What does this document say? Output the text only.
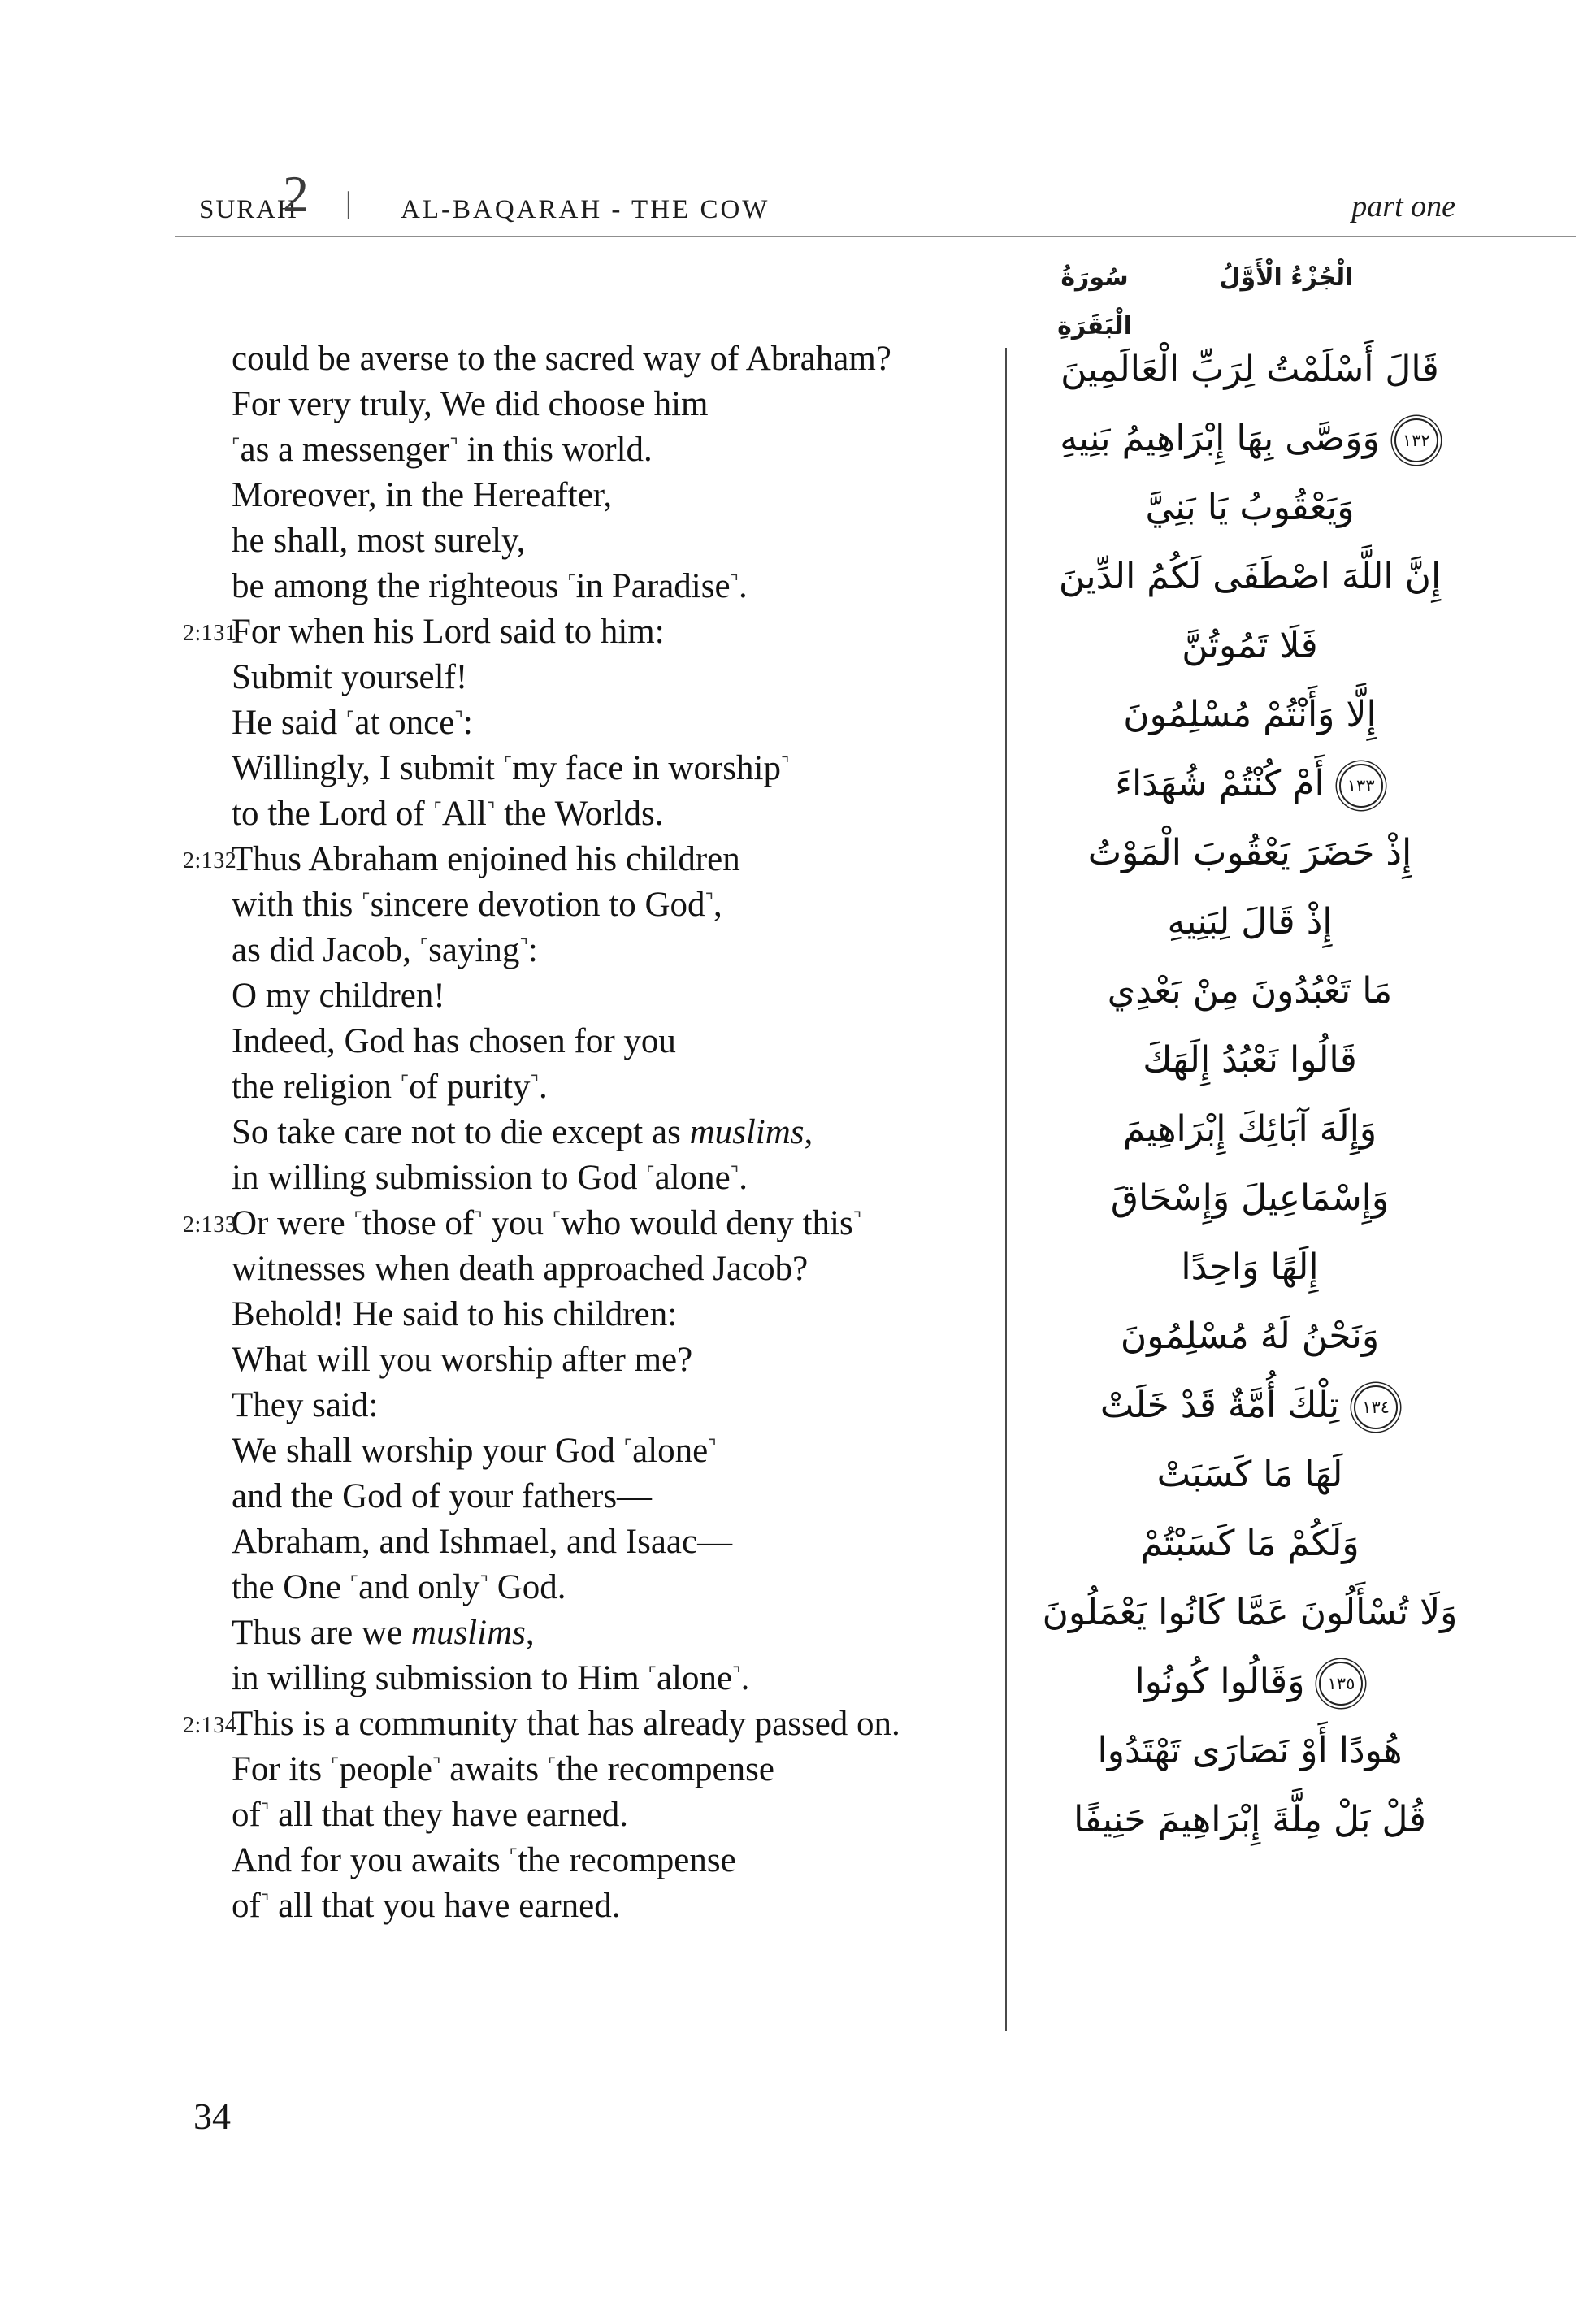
SURAH
2 | AL-BAQARAH - THE COW	part one
سُورَةُ الْبَقَرَةِ
الْجُزْءُ الْأَوَّلُ
could be averse to the sacred way of Abraham?
For very truly, We did choose him
⌜as a messenger⌝ in this world.
Moreover, in the Hereafter,
he shall, most surely,
be among the righteous ⌜in Paradise⌝.
2:131
For when his Lord said to him:
Submit yourself!
He said ⌜at once⌝:
Willingly, I submit ⌜my face in worship⌝
to the Lord of ⌜All⌝ the Worlds.
2:132
Thus Abraham enjoined his children
with this ⌜sincere devotion to God⌝,
as did Jacob, ⌜saying⌝:
O my children!
Indeed, God has chosen for you
the religion ⌜of purity⌝.
So take care not to die except as muslims,
in willing submission to God ⌜alone⌝.
2:133
Or were ⌜those of⌝ you ⌜who would deny this⌝
witnesses when death approached Jacob?
Behold! He said to his children:
What will you worship after me?
They said:
We shall worship your God ⌜alone⌝
and the God of your fathers—
Abraham, and Ishmael, and Isaac—
the One ⌜and only⌝ God.
Thus are we muslims,
in willing submission to Him ⌜alone⌝.
2:134
This is a community that has already passed on.
For its ⌜people⌝ awaits ⌜the recompense
of⌝ all that they have earned.
And for you awaits ⌜the recompense
of⌝ all that you have earned.
قَالَ أَسْلَمْتُ لِرَبِّ الْعَالَمِينَ
١٣٢وَوَصَّى بِهَا إِبْرَاهِيمُ بَنِيهِ
وَيَعْقُوبُ يَا بَنِيَّ
إِنَّ اللَّهَ اصْطَفَى لَكُمُ الدِّينَ
فَلَا تَمُوتُنَّ
إِلَّا وَأَنْتُمْ مُسْلِمُونَ
١٣٣أَمْ كُنْتُمْ شُهَدَاءَ
إِذْ حَضَرَ يَعْقُوبَ الْمَوْتُ
إِذْ قَالَ لِبَنِيهِ
مَا تَعْبُدُونَ مِنْ بَعْدِي
قَالُوا نَعْبُدُ إِلَهَكَ
وَإِلَهَ آبَائِكَ إِبْرَاهِيمَ
وَإِسْمَاعِيلَ وَإِسْحَاقَ
إِلَهًا وَاحِدًا
وَنَحْنُ لَهُ مُسْلِمُونَ
١٣٤تِلْكَ أُمَّةٌ قَدْ خَلَتْ
لَهَا مَا كَسَبَتْ
وَلَكُمْ مَا كَسَبْتُمْ
وَلَا تُسْأَلُونَ عَمَّا كَانُوا يَعْمَلُونَ
١٣٥وَقَالُوا كُونُوا
هُودًا أَوْ نَصَارَى تَهْتَدُوا
قُلْ بَلْ مِلَّةَ إِبْرَاهِيمَ حَنِيفًا
34
